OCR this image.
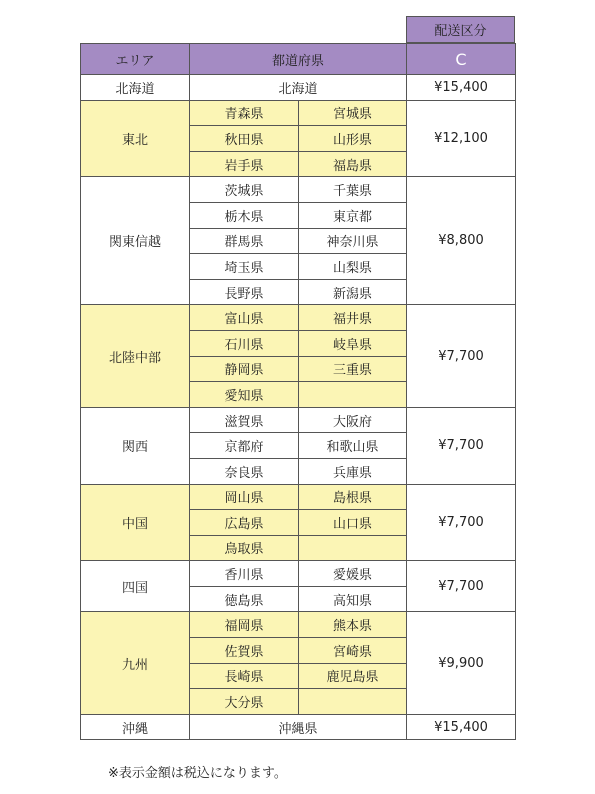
配送区分
エリア	都道府県		C
北海道	北海道		¥15,400
東北	青森県	宮城県	¥12,100
	秋田県	山形県	
	岩手県	福島県	
関東信越	茨城県	千葉県	¥8,800
	栃木県	東京都	
	群馬県	神奈川県	
	埼玉県	山梨県	
	長野県	新潟県	
北陸中部	富山県	福井県	¥7,700
	石川県	岐阜県	
	静岡県	三重県	
	愛知県		
関西	滋賀県	大阪府	¥7,700
	京都府	和歌山県	
	奈良県	兵庫県	
中国	岡山県	島根県	¥7,700
	広島県	山口県	
	鳥取県		
四国	香川県	愛媛県	¥7,700
	徳島県	高知県	
九州	福岡県	熊本県	¥9,900
	佐賀県	宮崎県	
	長崎県	鹿児島県	
	大分県		
沖縄	沖縄県		¥15,400
※表示金額は税込になります。
